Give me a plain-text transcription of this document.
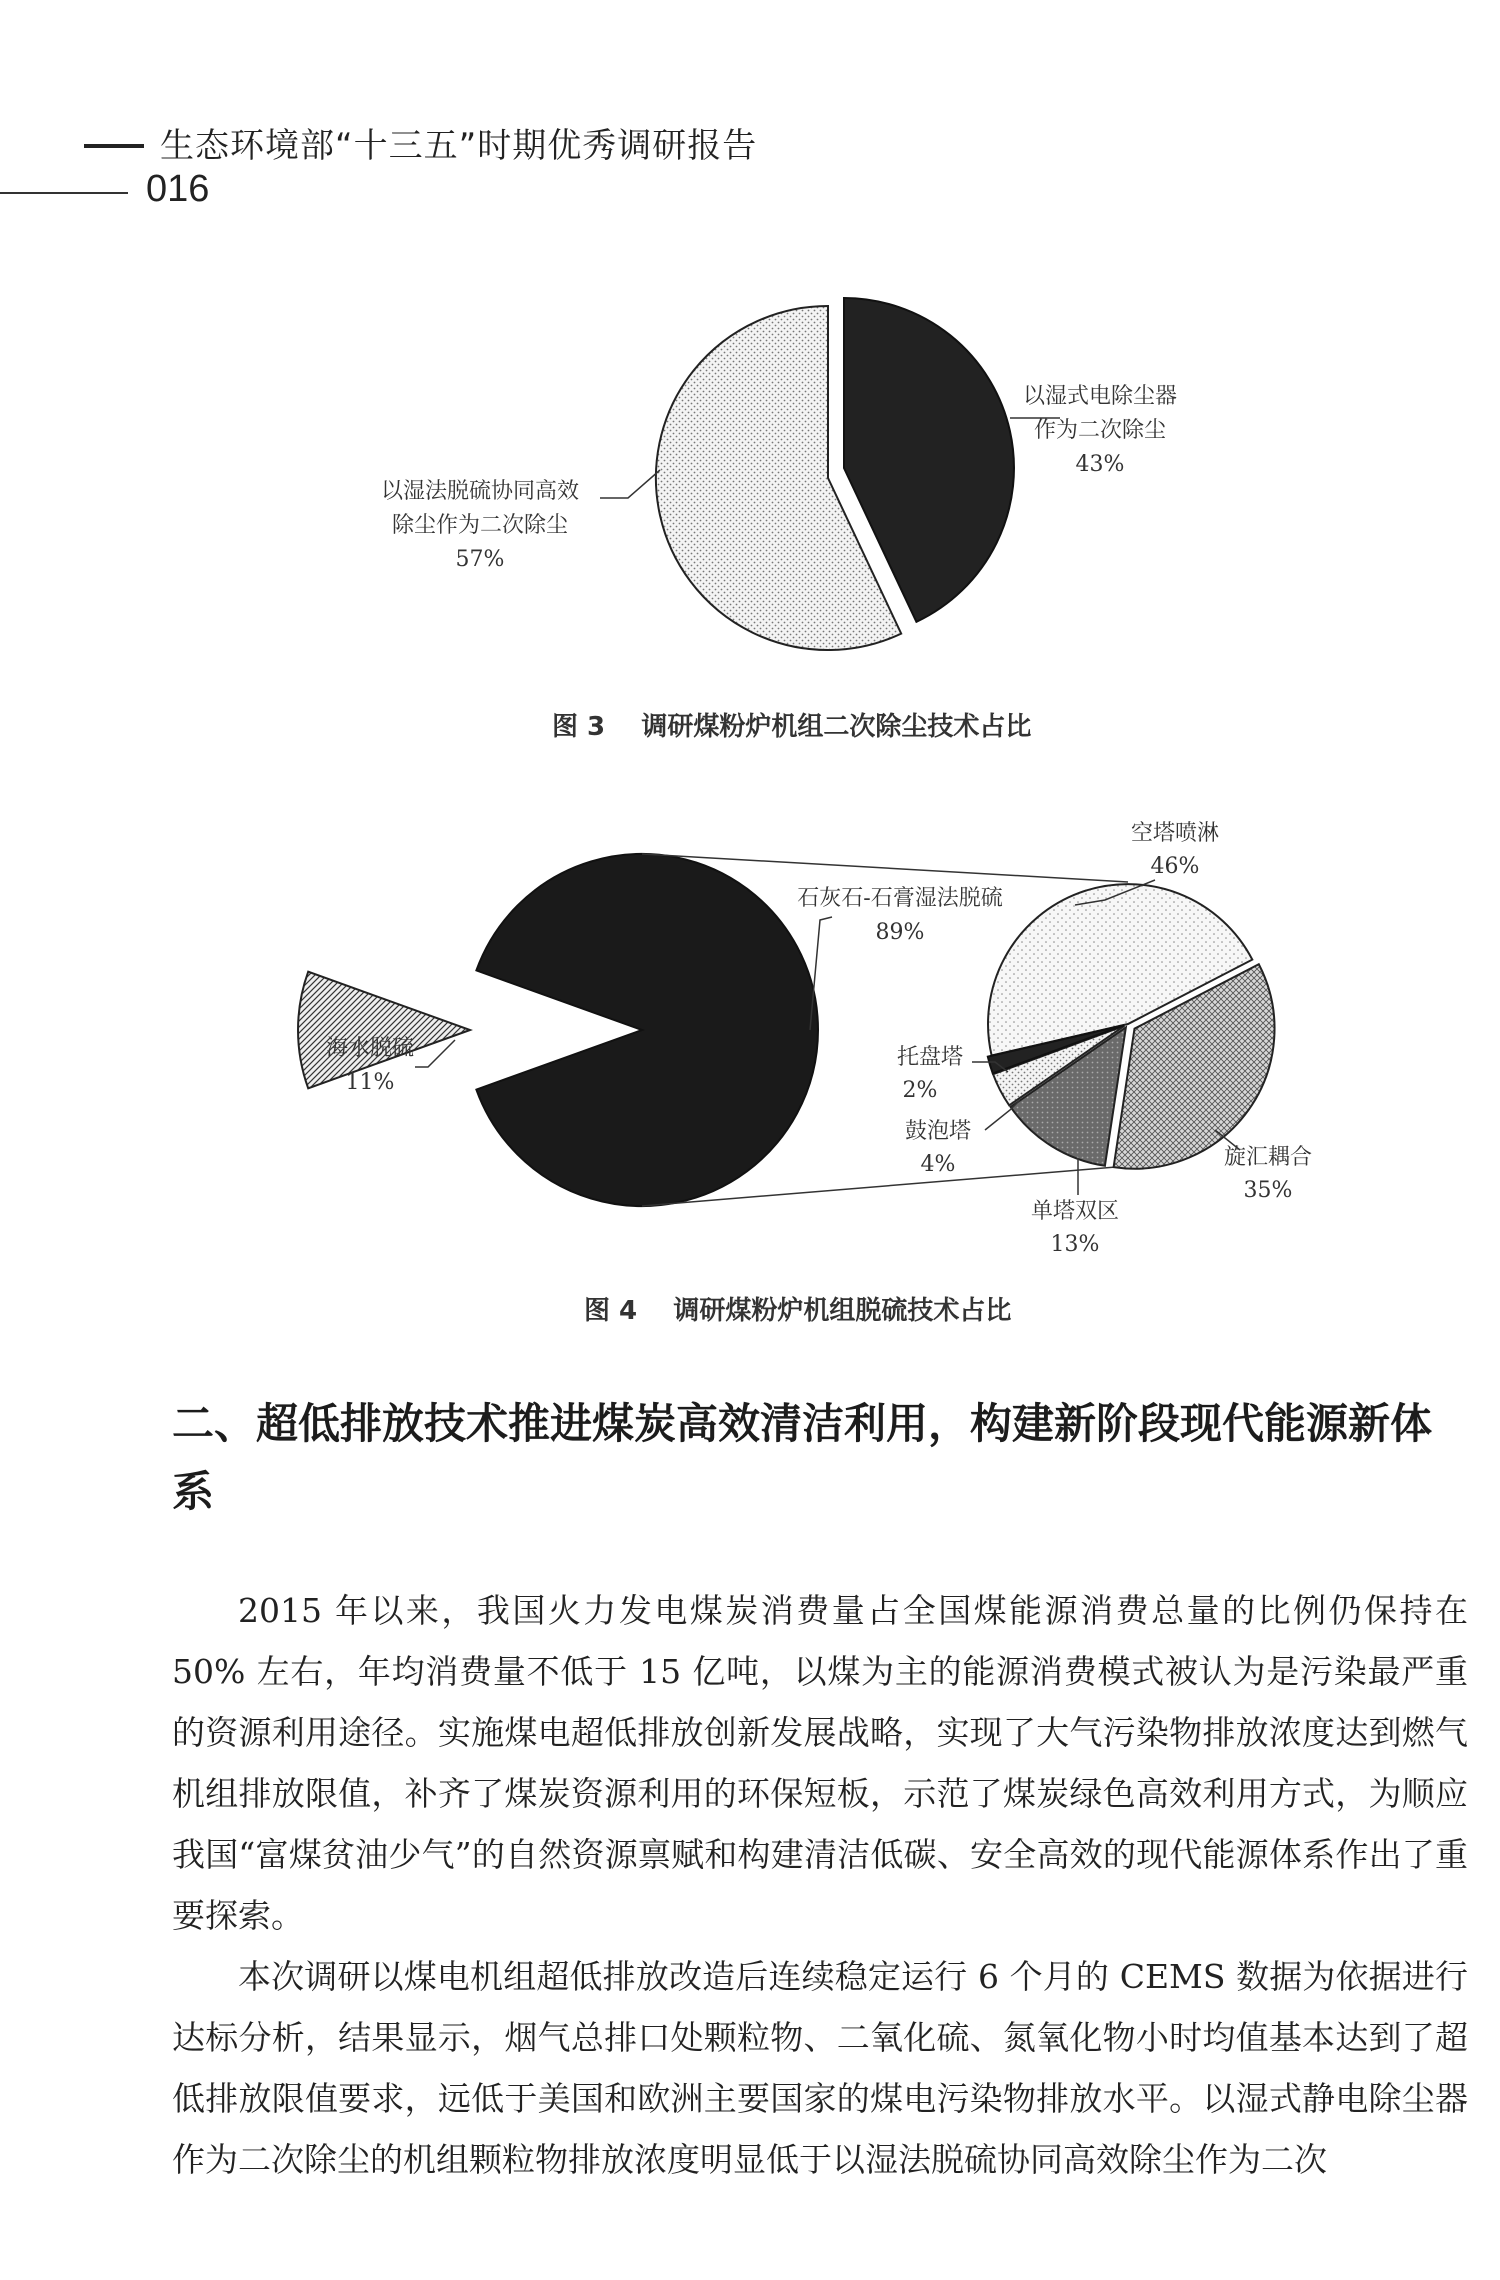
生态环境部“十三五”时期优秀调研报告
016
以湿式电除尘器
作为二次除尘
43%
以湿法脱硫协同高效
除尘作为二次除尘
57%
石灰石-石膏湿法脱硫
89%
海水脱硫
11%
空塔喷淋
46%
旋汇耦合
35%
单塔双区
13%
鼓泡塔
4%
托盘塔
2%
图 3 调研煤粉炉机组二次除尘技术占比
图 4 调研煤粉炉机组脱硫技术占比
二、超低排放技术推进煤炭高效清洁利用，构建新阶段现代能源新体系
2015 年以来，我国火力发电煤炭消费量占全国煤能源消费总量的比例仍保持在 50% 左右，年均消费量不低于 15 亿吨，以煤为主的能源消费模式被认为是污染最严重的资源利用途径。实施煤电超低排放创新发展战略，实现了大气污染物排放浓度达到燃气机组排放限值，补齐了煤炭资源利用的环保短板，示范了煤炭绿色高效利用方式，为顺应我国“富煤贫油少气”的自然资源禀赋和构建清洁低碳、安全高效的现代能源体系作出了重要探索。
本次调研以煤电机组超低排放改造后连续稳定运行 6 个月的 CEMS 数据为依据进行达标分析，结果显示，烟气总排口处颗粒物、二氧化硫、氮氧化物小时均值基本达到了超低排放限值要求，远低于美国和欧洲主要国家的煤电污染物排放水平。以湿式静电除尘器作为二次除尘的机组颗粒物排放浓度明显低于以湿法脱硫协同高效除尘作为二次
